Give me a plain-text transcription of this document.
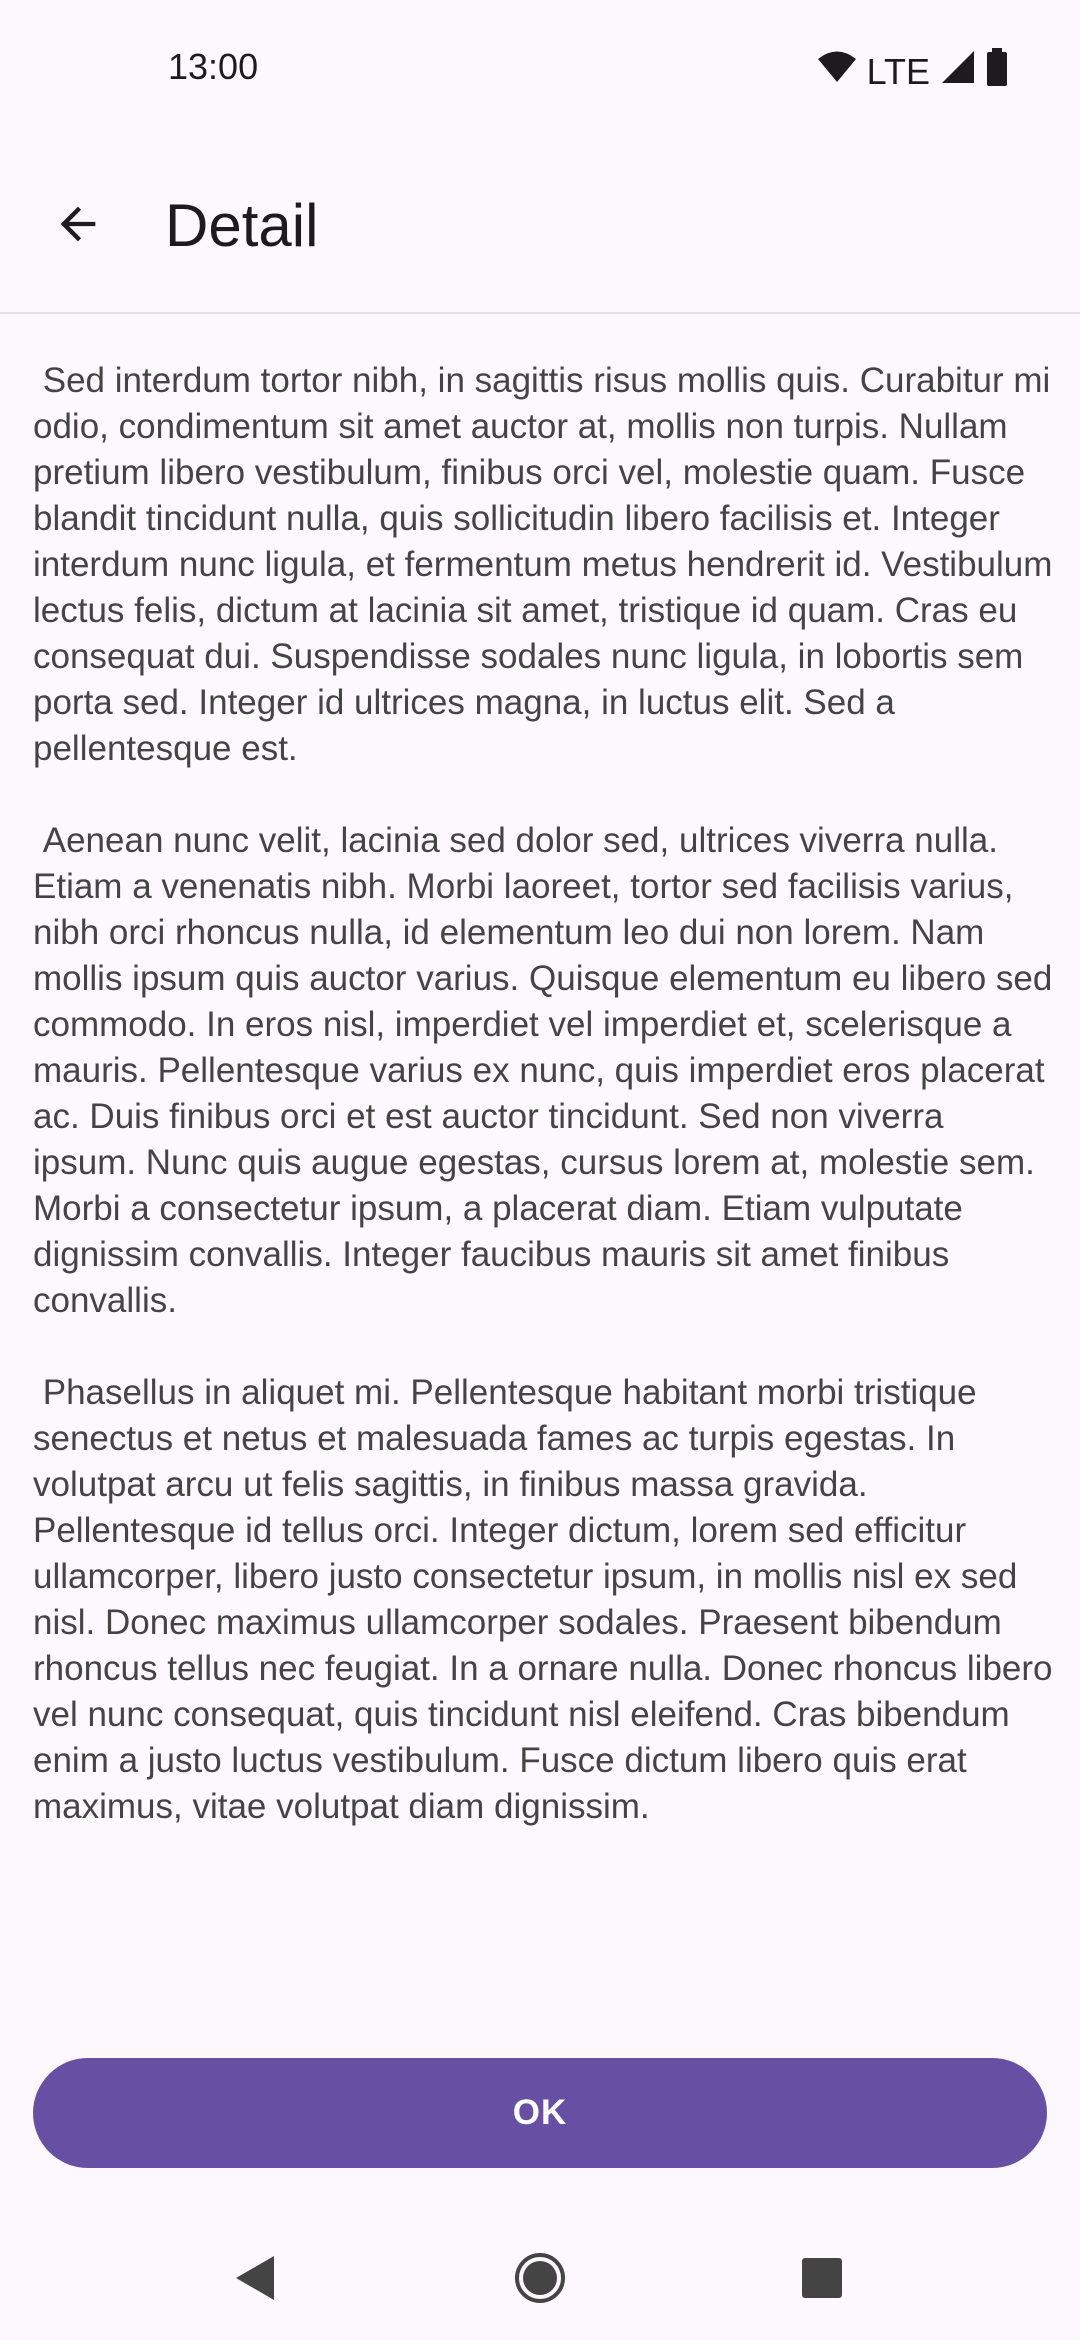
13:00	LTE
Detail

Sed interdum tortor nibh, in sagittis risus mollis quis. Curabitur mi odio, condimentum sit amet auctor at, mollis non turpis. Nullam pretium libero vestibulum, finibus orci vel, molestie quam. Fusce blandit tincidunt nulla, quis sollicitudin libero facilisis et. Integer interdum nunc ligula, et fermentum metus hendrerit id. Vestibulum lectus felis, dictum at lacinia sit amet, tristique id quam. Cras eu consequat dui. Suspendisse sodales nunc ligula, in lobortis sem porta sed. Integer id ultrices magna, in luctus elit. Sed a pellentesque est.

Aenean nunc velit, lacinia sed dolor sed, ultrices viverra nulla. Etiam a venenatis nibh. Morbi laoreet, tortor sed facilisis varius, nibh orci rhoncus nulla, id elementum leo dui non lorem. Nam mollis ipsum quis auctor varius. Quisque elementum eu libero sed commodo. In eros nisl, imperdiet vel imperdiet et, scelerisque a mauris. Pellentesque varius ex nunc, quis imperdiet eros placerat ac. Duis finibus orci et est auctor tincidunt. Sed non viverra ipsum. Nunc quis augue egestas, cursus lorem at, molestie sem. Morbi a consectetur ipsum, a placerat diam. Etiam vulputate dignissim convallis. Integer faucibus mauris sit amet finibus convallis.

Phasellus in aliquet mi. Pellentesque habitant morbi tristique senectus et netus et malesuada fames ac turpis egestas. In volutpat arcu ut felis sagittis, in finibus massa gravida. Pellentesque id tellus orci. Integer dictum, lorem sed efficitur ullamcorper, libero justo consectetur ipsum, in mollis nisl ex sed nisl. Donec maximus ullamcorper sodales. Praesent bibendum rhoncus tellus nec feugiat. In a ornare nulla. Donec rhoncus libero vel nunc consequat, quis tincidunt nisl eleifend. Cras bibendum enim a justo luctus vestibulum. Fusce dictum libero quis erat maximus, vitae volutpat diam dignissim.
OK
